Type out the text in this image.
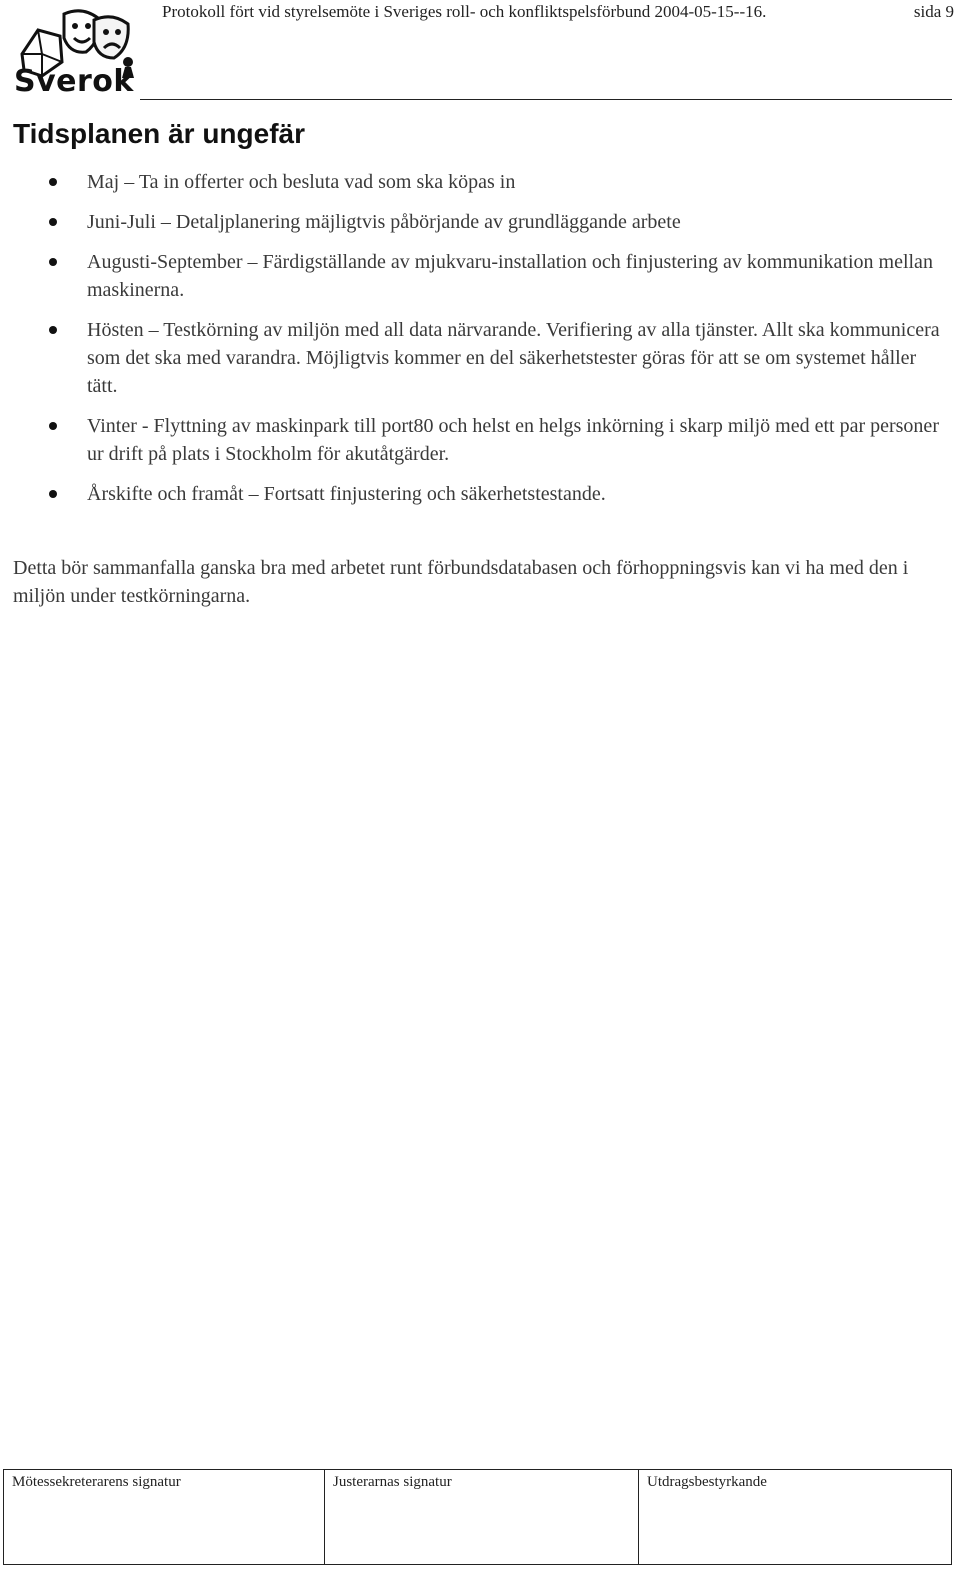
Sverok
Protokoll fört vid styrelsemöte i Sveriges roll- och konfliktspelsförbund 2004-05-15--16.	sida 9
Tidsplanen är ungefär
Maj – Ta in offerter och besluta vad som ska köpas in
Juni-Juli – Detaljplanering mäjligtvis påbörjande av grundläggande arbete
Augusti-September – Färdigställande av mjukvaru-installation och finjustering av kommunikation mellan maskinerna.
Hösten – Testkörning av miljön med all data närvarande. Verifiering av alla tjänster. Allt ska kommunicera som det ska med varandra. Möjligtvis kommer en del säkerhetstester göras för att se om systemet håller tätt.
Vinter - Flyttning av maskinpark till port80 och helst en helgs inkörning i skarp miljö med ett par personer ur drift på plats i Stockholm för akutåtgärder.
Årskifte och framåt – Fortsatt finjustering och säkerhetstestande.

Detta bör sammanfalla ganska bra med arbetet runt förbundsdatabasen och förhoppningsvis kan vi ha med den i miljön under testkörningarna.

Mötessekreterarens signatur	Justerarnas signatur	Utdragsbestyrkande
